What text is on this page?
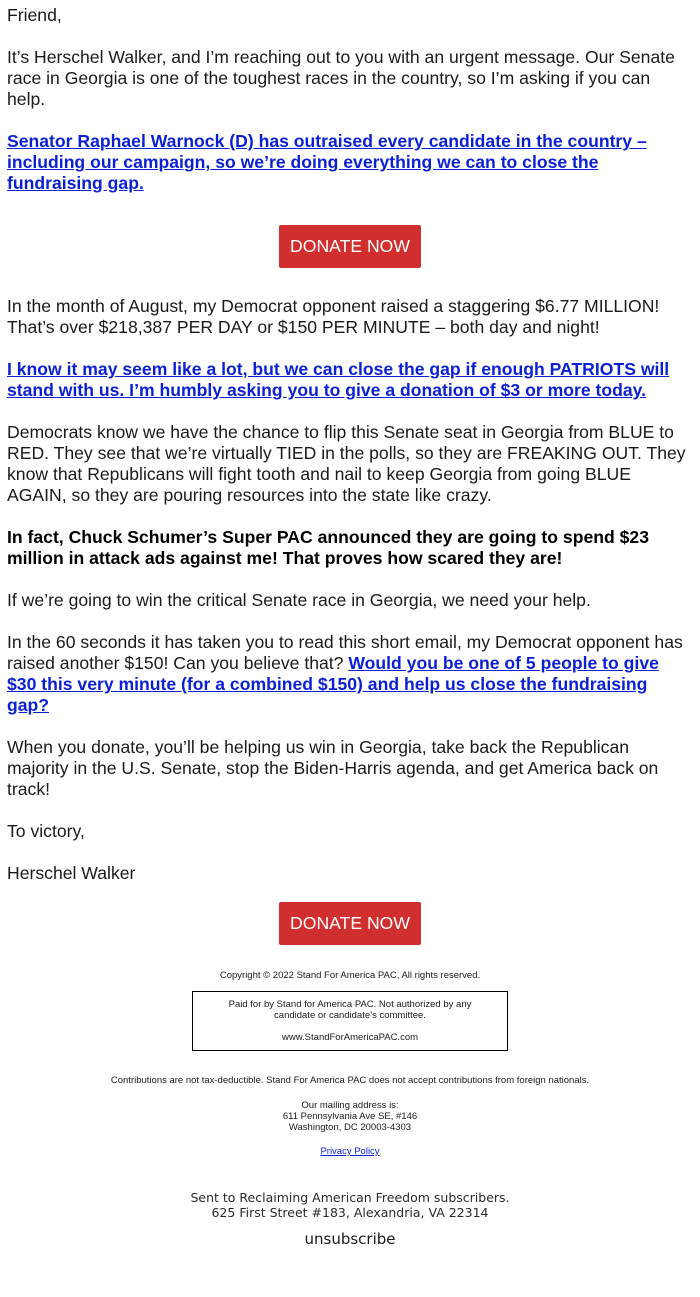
Friend,

It’s Herschel Walker, and I’m reaching out to you with an urgent message. Our Senate race in Georgia is one of the toughest races in the country, so I’m asking if you can help.

Senator Raphael Warnock (D) has outraised every candidate in the country – including our campaign, so we’re doing everything we can to close the fundraising gap.

DONATE NOW

In the month of August, my Democrat opponent raised a staggering $6.77 MILLION! That’s over $218,387 PER DAY or $150 PER MINUTE – both day and night!

I know it may seem like a lot, but we can close the gap if enough PATRIOTS will stand with us. I’m humbly asking you to give a donation of $3 or more today.

Democrats know we have the chance to flip this Senate seat in Georgia from BLUE to RED. They see that we’re virtually TIED in the polls, so they are FREAKING OUT. They know that Republicans will fight tooth and nail to keep Georgia from going BLUE AGAIN, so they are pouring resources into the state like crazy.

In fact, Chuck Schumer’s Super PAC announced they are going to spend $23 million in attack ads against me! That proves how scared they are!

If we’re going to win the critical Senate race in Georgia, we need your help.

In the 60 seconds it has taken you to read this short email, my Democrat opponent has raised another $150! Can you believe that? Would you be one of 5 people to give $30 this very minute (for a combined $150) and help us close the fundraising gap?

When you donate, you’ll be helping us win in Georgia, take back the Republican majority in the U.S. Senate, stop the Biden-Harris agenda, and get America back on track!

To victory,

Herschel Walker

DONATE NOW
Copyright © 2022 Stand For America PAC, All rights reserved.
Paid for by Stand for America PAC. Not authorized by any candidate or candidate’s committee.
www.StandForAmericaPAC.com
Contributions are not tax-deductible. Stand For America PAC does not accept contributions from foreign nationals.
Our mailing address is:
611 Pennsylvania Ave SE, #146
Washington, DC 20003-4303
Privacy Policy
Sent to Reclaiming American Freedom subscribers.
625 First Street #183, Alexandria, VA 22314
unsubscribe
